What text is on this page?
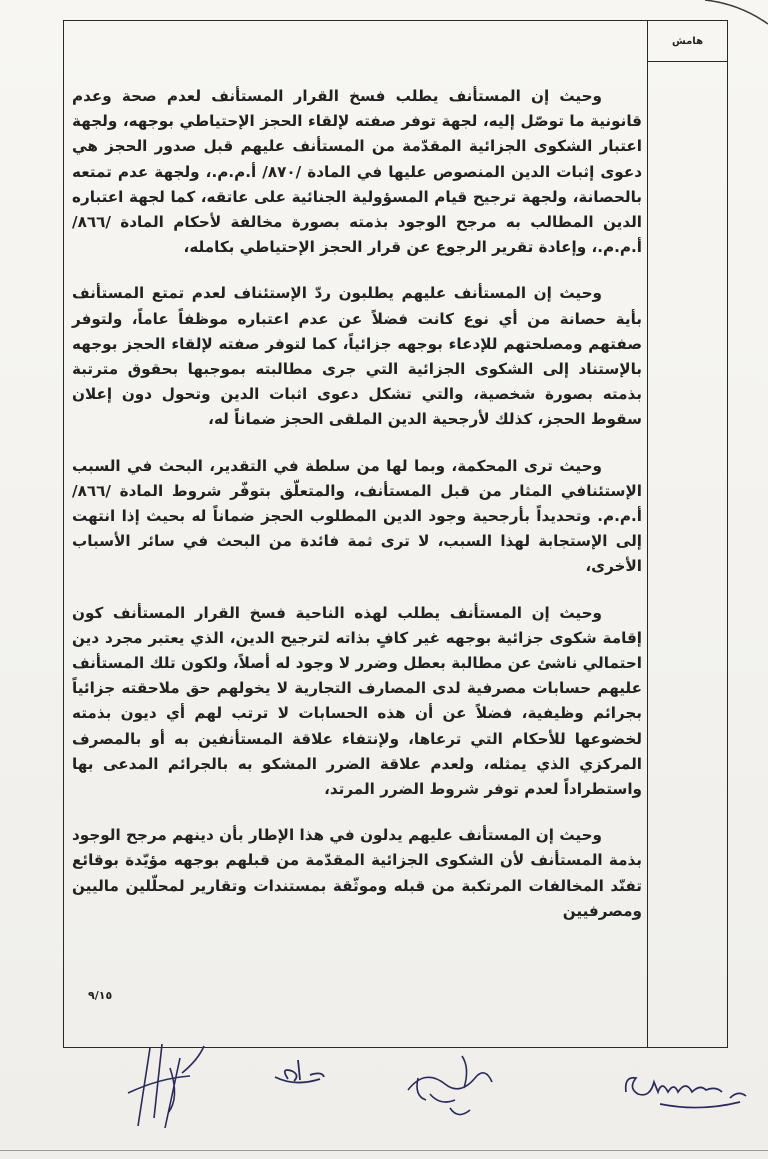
هامش

وحيث إن المستأنف يطلب فسخ القرار المستأنف لعدم صحة وعدم قانونية ما توصّل إليه، لجهة توفر صفته لإلقاء الحجز الإحتياطي بوجهه، ولجهة اعتبار الشكوى الجزائية المقدّمة من المستأنف عليهم قبل صدور الحجز هي دعوى إثبات الدين المنصوص عليها في المادة /٨٧٠/ أ.م.م.، ولجهة عدم تمتعه بالحصانة، ولجهة ترجيح قيام المسؤولية الجنائية على عاتقه، كما لجهة اعتباره الدين المطالب به مرجح الوجود بذمته بصورة مخالفة لأحكام المادة /٨٦٦/ أ.م.م.، وإعادة تقرير الرجوع عن قرار الحجز الإحتياطي بكامله،

وحيث إن المستأنف عليهم يطلبون ردّ الإستئناف لعدم تمتع المستأنف بأية حصانة من أي نوع كانت فضلاً عن عدم اعتباره موظفاً عاماً، ولتوفر صفتهم ومصلحتهم للإدعاء بوجهه جزائياً، كما لتوفر صفته لإلقاء الحجز بوجهه بالإستناد إلى الشكوى الجزائية التي جرى مطالبته بموجبها بحقوق مترتبة بذمته بصورة شخصية، والتي تشكل دعوى اثبات الدين وتحول دون إعلان سقوط الحجز، كذلك لأرجحية الدين الملقى الحجز ضماناً له،

وحيث ترى المحكمة، وبما لها من سلطة في التقدير، البحث في السبب الإستئنافي المثار من قبل المستأنف، والمتعلّق بتوفّر شروط المادة /٨٦٦/ أ.م.م. وتحديداً بأرجحية وجود الدين المطلوب الحجز ضماناً له بحيث إذا انتهت إلى الإستجابة لهذا السبب، لا ترى ثمة فائدة من البحث في سائر الأسباب الأخرى،

وحيث إن المستأنف يطلب لهذه الناحية فسخ القرار المستأنف كون إقامة شكوى جزائية بوجهه غير كافٍ بذاته لترجيح الدين، الذي يعتبر مجرد دين احتمالي ناشئ عن مطالبة بعطل وضرر لا وجود له أصلاً، ولكون تلك المستأنف عليهم حسابات مصرفية لدى المصارف التجارية لا يخولهم حق ملاحقته جزائياً بجرائم وظيفية، فضلاً عن أن هذه الحسابات لا ترتب لهم أي ديون بذمته لخضوعها للأحكام التي ترعاها، ولإنتفاء علاقة المستأنفين به أو بالمصرف المركزي الذي يمثله، ولعدم علاقة الضرر المشكو به بالجرائم المدعى بها واستطراداً لعدم توفر شروط الضرر المرتد،

وحيث إن المستأنف عليهم يدلون في هذا الإطار بأن دينهم مرجح الوجود بذمة المستأنف لأن الشكوى الجزائية المقدّمة من قبلهم بوجهه مؤيّدة بوقائع تفنّد المخالفات المرتكبة من قبله وموثّقة بمستندات وتقارير لمحلّلين ماليين ومصرفيين

٩/١٥
